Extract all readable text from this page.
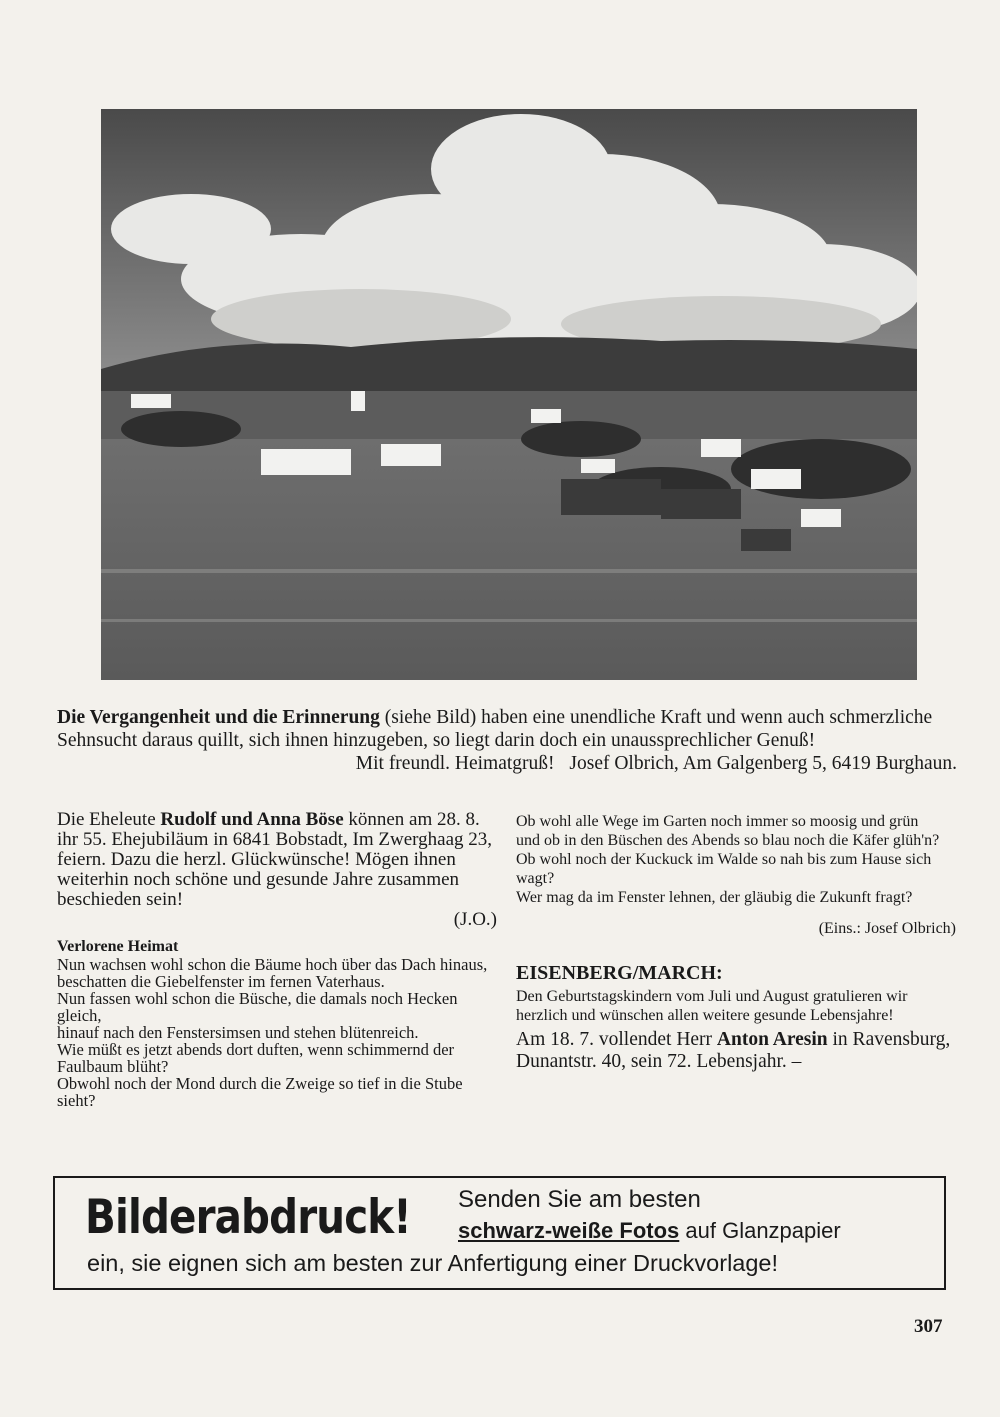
Die Vergangenheit und die Erinnerung (siehe Bild) haben eine unendliche Kraft und wenn auch schmerzliche Sehnsucht daraus quillt, sich ihnen hinzugeben, so liegt darin doch ein unaussprechlicher Genuß!
Mit freundl. Heimatgruß! Josef Olbrich, Am Galgenberg 5, 6419 Burghaun.

Die Eheleute Rudolf und Anna Böse können am 28. 8. ihr 55. Ehejubiläum in 6841 Bobstadt, Im Zwerghaag 23, feiern. Dazu die herzl. Glückwünsche! Mögen ihnen weiterhin noch schöne und gesunde Jahre zusammen beschieden sein!

(J.O.)

Verlorene Heimat

Nun wachsen wohl schon die Bäume hoch über das Dach hinaus,
beschatten die Giebelfenster im fernen Vaterhaus.
Nun fassen wohl schon die Büsche, die damals noch Hecken gleich,
hinauf nach den Fenstersimsen und stehen blütenreich.
Wie müßt es jetzt abends dort duften, wenn schimmernd der Faulbaum blüht?
Obwohl noch der Mond durch die Zweige so tief in die Stube sieht?
Ob wohl alle Wege im Garten noch immer so moosig und grün
und ob in den Büschen des Abends so blau noch die Käfer glüh'n?
Ob wohl noch der Kuckuck im Walde so nah bis zum Hause sich wagt?
Wer mag da im Fenster lehnen, der gläubig die Zukunft fragt?
(Eins.: Josef Olbrich)

EISENBERG/MARCH:

Den Geburtstagskindern vom Juli und August gratulieren wir herzlich und wünschen allen weitere gesunde Lebensjahre!

Am 18. 7. vollendet Herr Anton Aresin in Ravensburg, Dunantstr. 40, sein 72. Lebensjahr. –

Bilderabdruck! Senden Sie am besten
schwarz-weiße Fotos auf Glanzpapier
ein, sie eignen sich am besten zur Anfertigung einer Druckvorlage!
307
